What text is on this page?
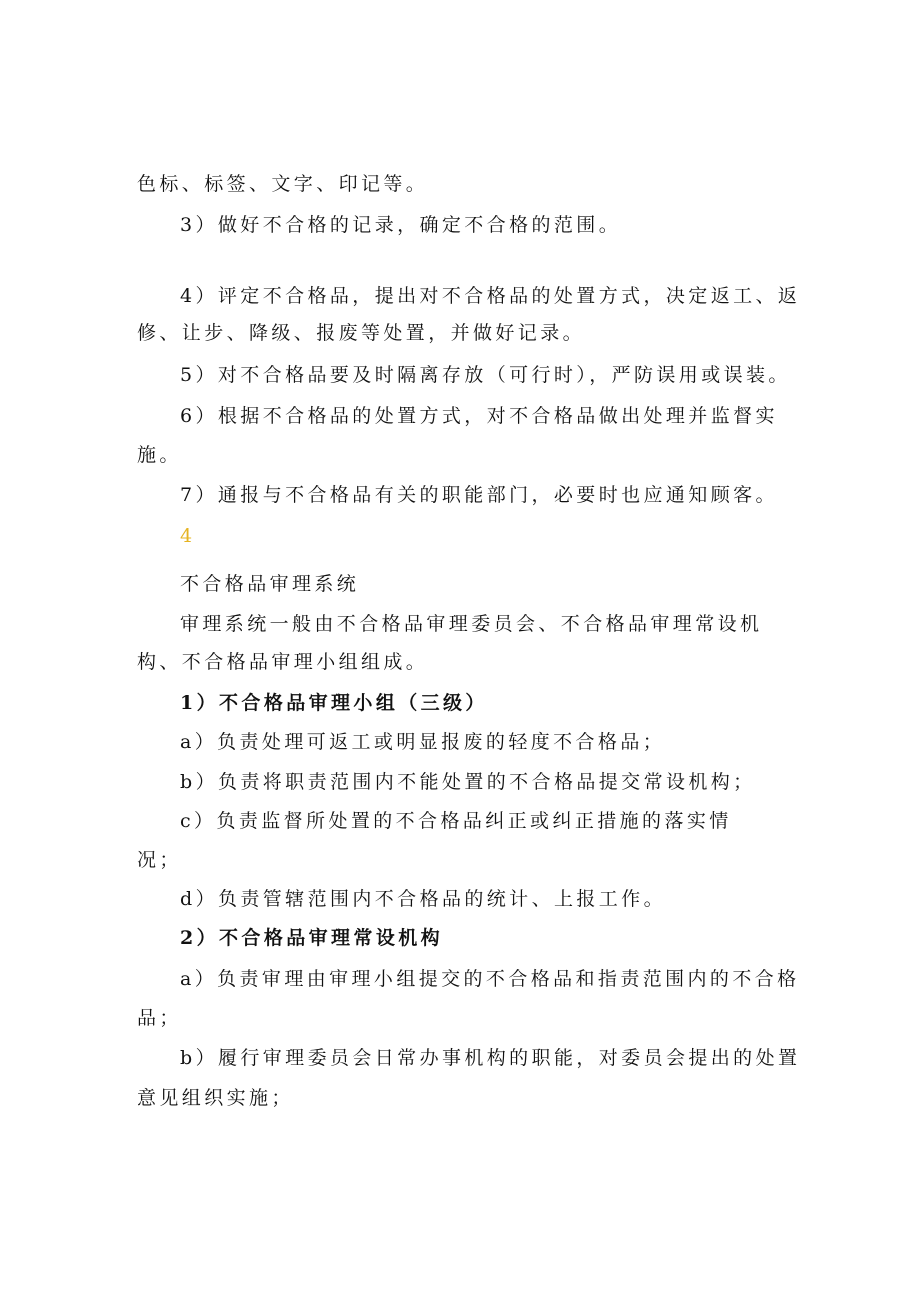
色标、标签、文字、印记等。
3）做好不合格的记录，确定不合格的范围。
4）评定不合格品，提出对不合格品的处置方式，决定返工、返
修、让步、降级、报废等处置，并做好记录。
5）对不合格品要及时隔离存放（可行时），严防误用或误装。
6）根据不合格品的处置方式，对不合格品做出处理并监督实
施。
7）通报与不合格品有关的职能部门，必要时也应通知顾客。
4
不合格品审理系统
审理系统一般由不合格品审理委员会、不合格品审理常设机
构、不合格品审理小组组成。
1）不合格品审理小组（三级）
a）负责处理可返工或明显报废的轻度不合格品；
b）负责将职责范围内不能处置的不合格品提交常设机构；
c）负责监督所处置的不合格品纠正或纠正措施的落实情
况；
d）负责管辖范围内不合格品的统计、上报工作。
2）不合格品审理常设机构
a）负责审理由审理小组提交的不合格品和指责范围内的不合格
品；
b）履行审理委员会日常办事机构的职能，对委员会提出的处置
意见组织实施；
